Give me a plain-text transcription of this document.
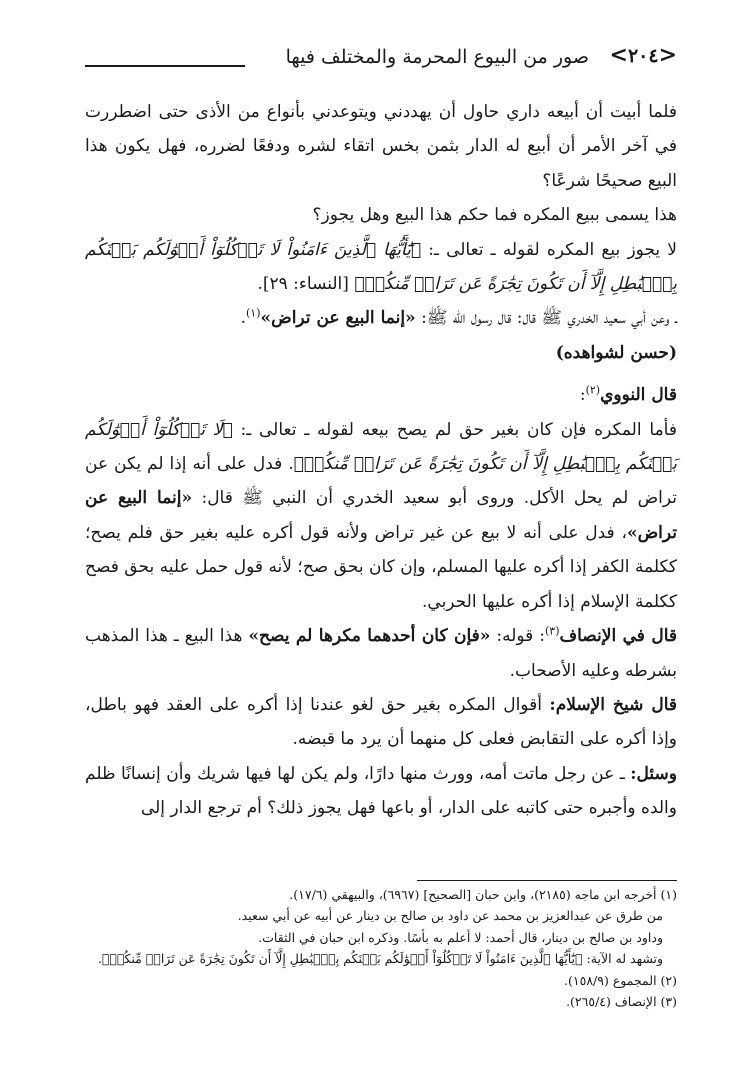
<٢٠٤>
صور من البيوع المحرمة والمختلف فيها

فلما أبيت أن أبيعه داري حاول أن يهددني ويتوعدني بأنواع من الأذى حتى اضطررت في آخر الأمر أن أبيع له الدار بثمن بخس اتقاء لشره ودفعًا لضرره، فهل يكون هذا البيع صحيحًا شرعًا؟

هذا يسمى ببيع المكره فما حكم هذا البيع وهل يجوز؟

لا يجوز بيع المكره لقوله ـ تعالى ـ: ﴿يَٰٓأَيُّهَا ٱلَّذِينَ ءَامَنُواْ لَا تَأۡكُلُوٓاْ أَمۡوَٰلَكُم بَيۡنَكُم بِٱلۡبَٰطِلِ إِلَّآ أَن تَكُونَ تِجَٰرَةً عَن تَرَاضٖ مِّنكُمۡ﴾ [النساء: ٢٩].

ـ وعن أبي سعيد الخدري ﷺ قال: قال رسول الله ﷺ: «إنما البيع عن تراض»$^{(١)}$.

(حسن لشواهده)

قال النووي$^{(٢)}$:

فأما المكره فإن كان بغير حق لم يصح بيعه لقوله ـ تعالى ـ: ﴿لَا تَأۡكُلُوٓاْ أَمۡوَٰلَكُم بَيۡنَكُم بِٱلۡبَٰطِلِ إِلَّآ أَن تَكُونَ تِجَٰرَةً عَن تَرَاضٖ مِّنكُمۡ﴾. فدل على أنه إذا لم يكن عن تراض لم يحل الأكل. وروى أبو سعيد الخدري أن النبي ﷺ قال: «إنما البيع عن تراض»، فدل على أنه لا بيع عن غير تراض ولأنه قول أكره عليه بغير حق فلم يصح؛ ككلمة الكفر إذا أكره عليها المسلم، وإن كان بحق صح؛ لأنه قول حمل عليه بحق فصح ككلمة الإسلام إذا أكره عليها الحربي.

قال في الإنصاف$^{(٣)}$: قوله: «فإن كان أحدهما مكرها لم يصح» هذا البيع ـ هذا المذهب بشرطه وعليه الأصحاب.

قال شيخ الإسلام: أقوال المكره بغير حق لغو عندنا إذا أكره على العقد فهو باطل، وإذا أكره على التقابض فعلى كل منهما أن يرد ما قبضه.

وسئل: ـ عن رجل ماتت أمه، وورث منها دارًا، ولم يكن لها فيها شريك وأن إنسانًا ظلم والده وأجبره حتى كاتبه على الدار، أو باعها فهل يجوز ذلك؟ أم ترجع الدار إلى

(١) أخرجه ابن ماجه (٢١٨٥)، وابن حبان [الصحيح] (٦٩٦٧)، والبيهقي (١٧/٦).

من طرق عن عبدالعزيز بن محمد عن داود بن صالح بن دينار عن أبيه عن أبي سعيد.

وداود بن صالح بن دينار، قال أحمد: لا أعلم به بأسًا. وذكره ابن حبان في الثقات.

وتشهد له الآية: ﴿يَٰٓأَيُّهَا ٱلَّذِينَ ءَامَنُواْ لَا تَأۡكُلُوٓاْ أَمۡوَٰلَكُم بَيۡنَكُم بِٱلۡبَٰطِلِ إِلَّآ أَن تَكُونَ تِجَٰرَةً عَن تَرَاضٖ مِّنكُمۡ﴾.

(٢) المجموع (١٥٨/٩).

(٣) الإنصاف (٢٦٥/٤).
